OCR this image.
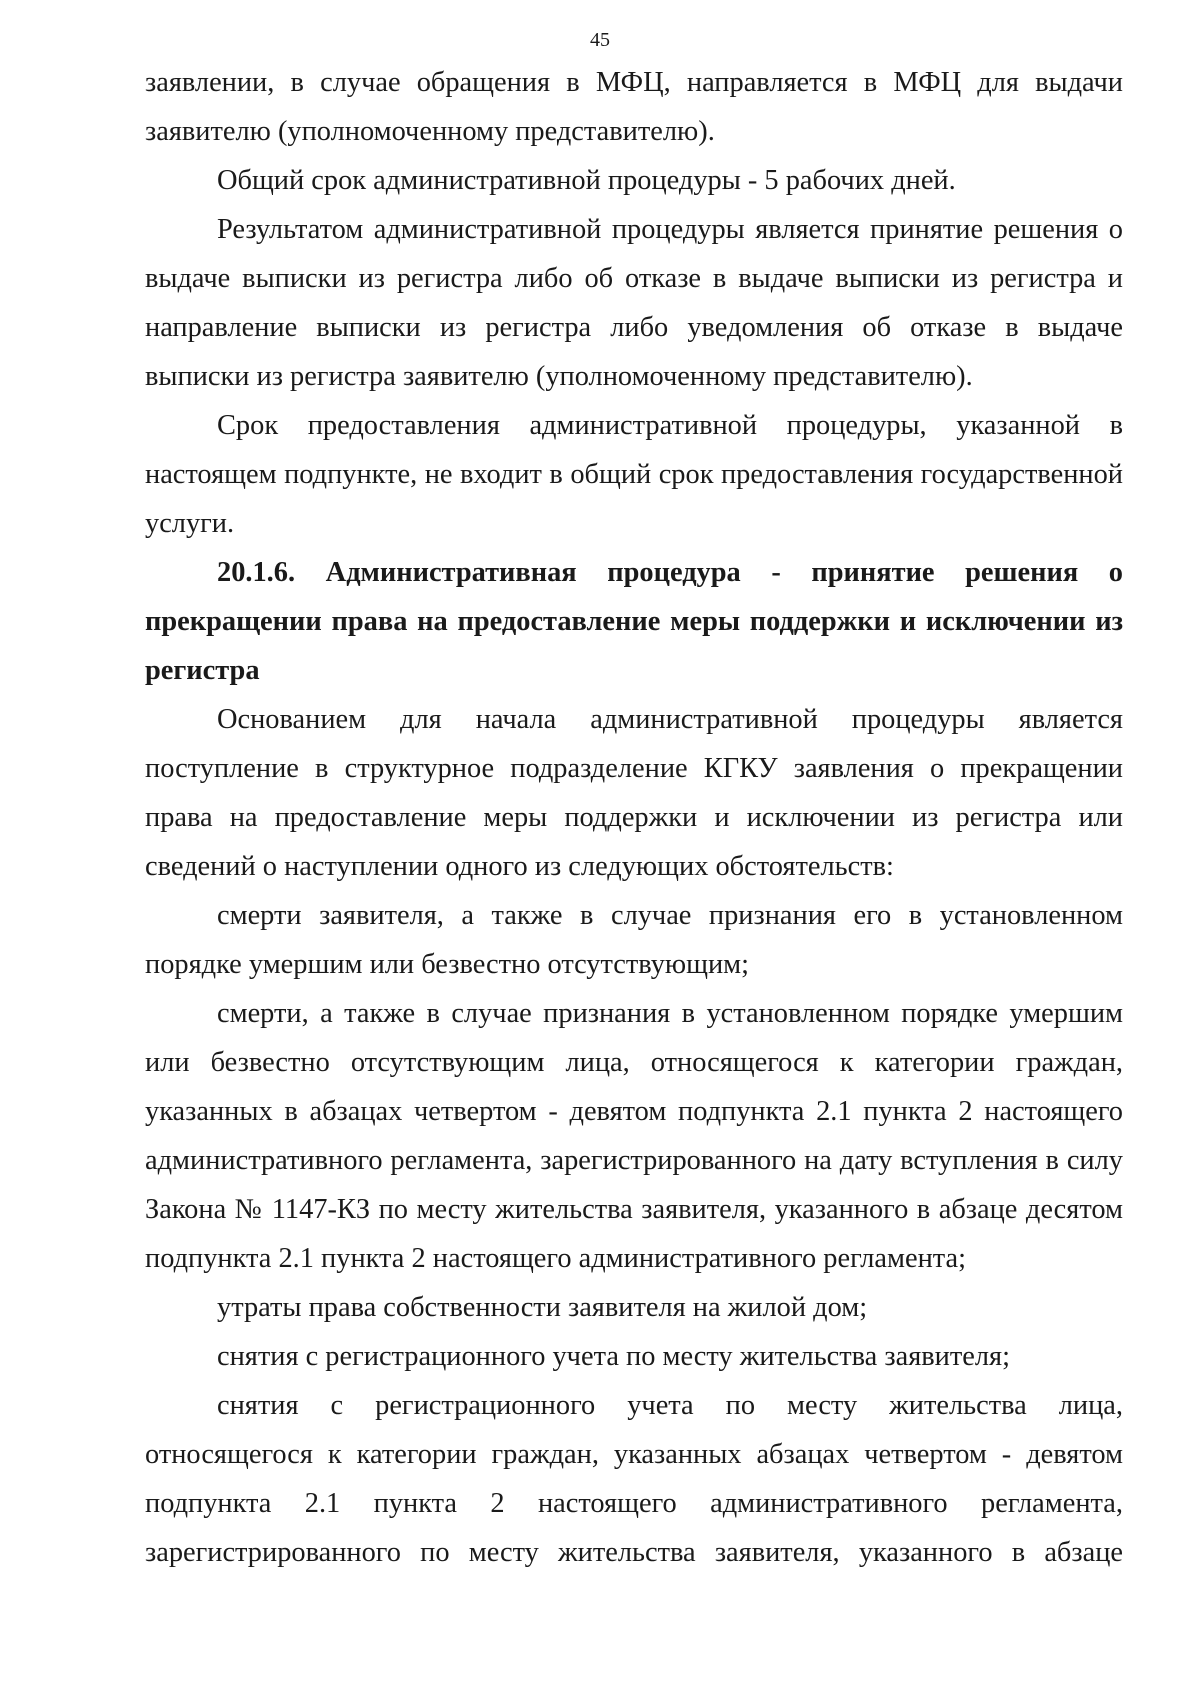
45

заявлении, в случае обращения в МФЦ, направляется в МФЦ для выдачи заявителю (уполномоченному представителю).

Общий срок административной процедуры - 5 рабочих дней.

Результатом административной процедуры является принятие решения о выдаче выписки из регистра либо об отказе в выдаче выписки из регистра и направление выписки из регистра либо уведомления об отказе в выдаче выписки из регистра заявителю (уполномоченному представителю).

Срок предоставления административной процедуры, указанной в настоящем подпункте, не входит в общий срок предоставления государственной услуги.

20.1.6. Административная процедура - принятие решения о прекращении права на предоставление меры поддержки и исключении из регистра

Основанием для начала административной процедуры является поступление в структурное подразделение КГКУ заявления о прекращении права на предоставление меры поддержки и исключении из регистра или сведений о наступлении одного из следующих обстоятельств:

смерти заявителя, а также в случае признания его в установленном порядке умершим или безвестно отсутствующим;

смерти, а также в случае признания в установленном порядке умершим или безвестно отсутствующим лица, относящегося к категории граждан, указанных в абзацах четвертом - девятом подпункта 2.1 пункта 2 настоящего административного регламента, зарегистрированного на дату вступления в силу Закона № 1147-КЗ по месту жительства заявителя, указанного в абзаце десятом подпункта 2.1 пункта 2 настоящего административного регламента;

утраты права собственности заявителя на жилой дом;

снятия с регистрационного учета по месту жительства заявителя;

снятия с регистрационного учета по месту жительства лица, относящегося к категории граждан, указанных абзацах четвертом - девятом подпункта 2.1 пункта 2 настоящего административного регламента, зарегистрированного по месту жительства заявителя, указанного в абзаце
